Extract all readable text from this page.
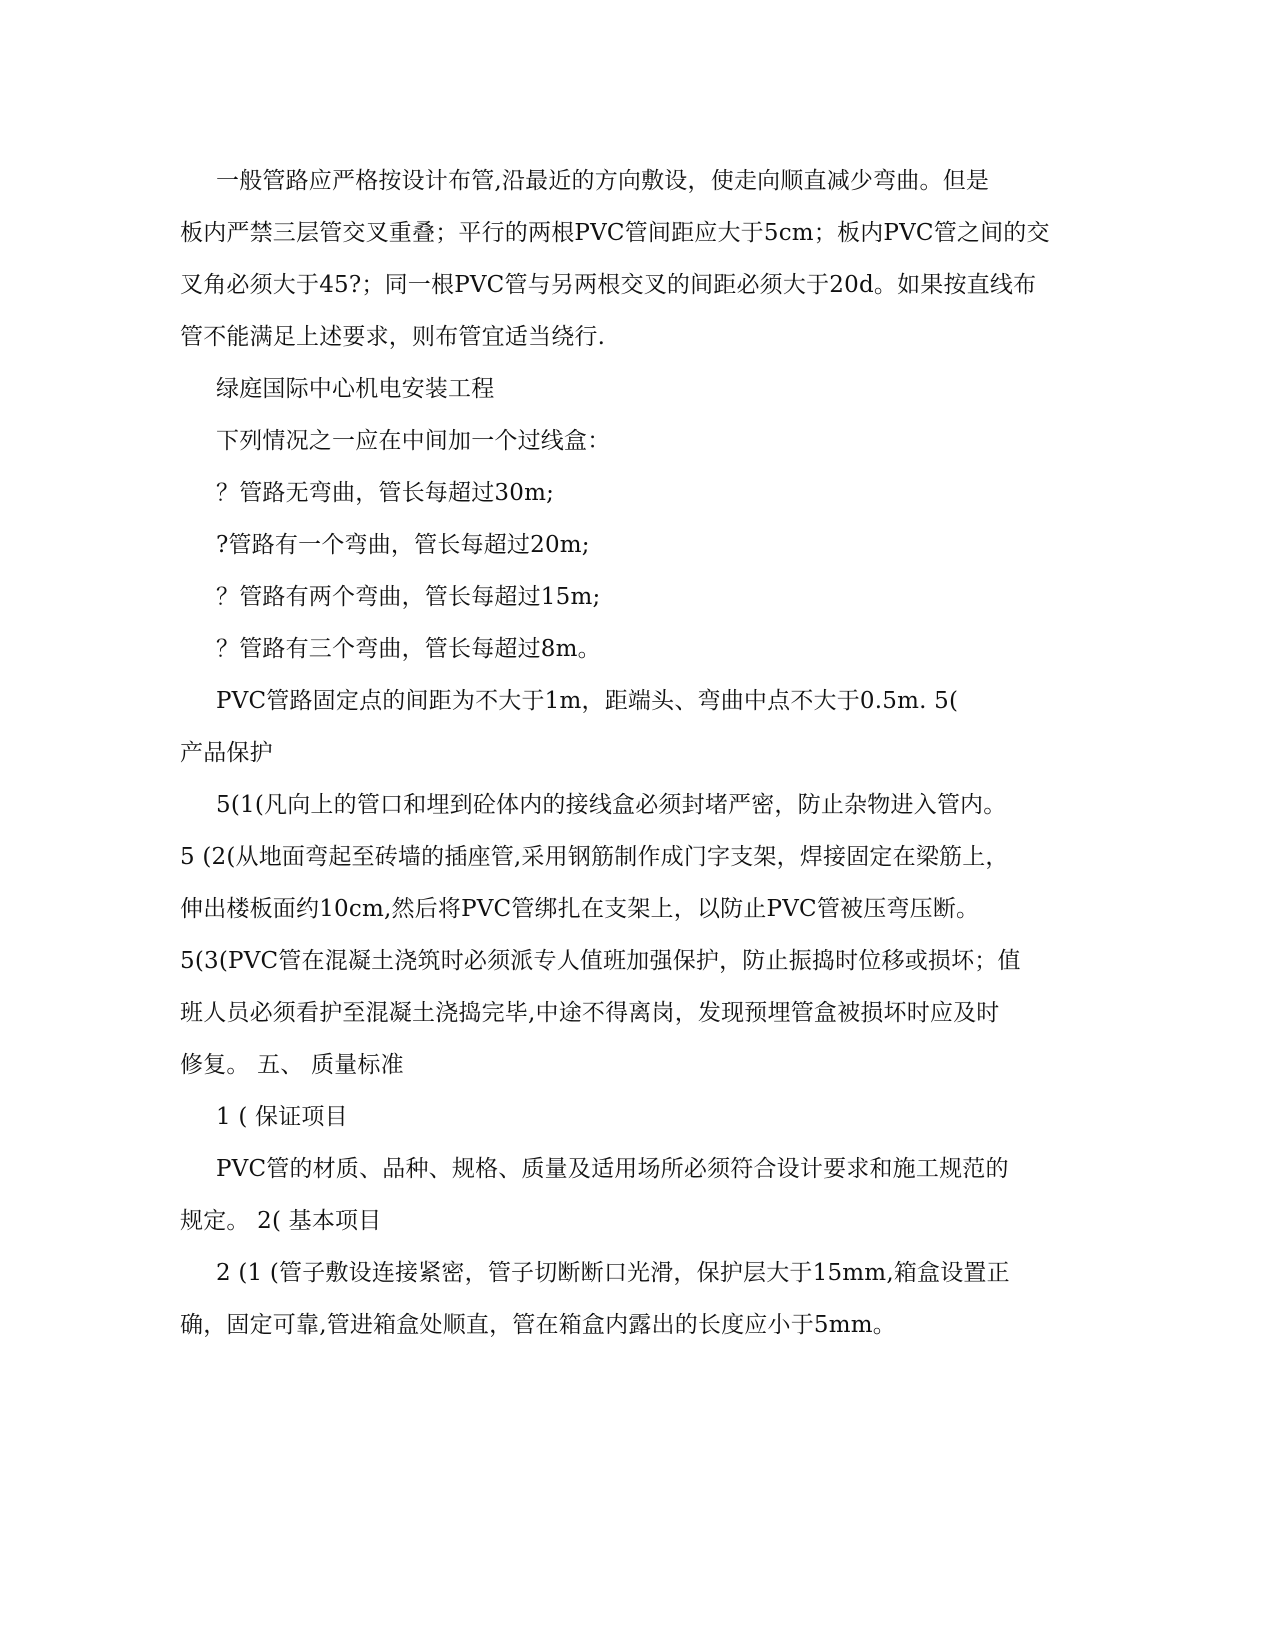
一般管路应严格按设计布管,沿最近的方向敷设，使走向顺直减少弯曲。但是
板内严禁三层管交叉重叠；平行的两根PVC管间距应大于5cm；板内PVC管之间的交
叉角必须大于45?；同一根PVC管与另两根交叉的间距必须大于20d。如果按直线布
管不能满足上述要求，则布管宜适当绕行.
绿庭国际中心机电安装工程
下列情况之一应在中间加一个过线盒：
？管路无弯曲，管长每超过30m;
?管路有一个弯曲，管长每超过20m;
？管路有两个弯曲，管长每超过15m;
？管路有三个弯曲，管长每超过8m。
PVC管路固定点的间距为不大于1m，距端头、弯曲中点不大于0.5m. 5(
产品保护
5(1(凡向上的管口和埋到砼体内的接线盒必须封堵严密，防止杂物进入管内。
5 (2(从地面弯起至砖墙的插座管,采用钢筋制作成门字支架，焊接固定在梁筋上，
伸出楼板面约10cm,然后将PVC管绑扎在支架上，以防止PVC管被压弯压断。
5(3(PVC管在混凝土浇筑时必须派专人值班加强保护，防止振捣时位移或损坏；值
班人员必须看护至混凝土浇捣完毕,中途不得离岗，发现预埋管盒被损坏时应及时
修复。 五、 质量标准
1 ( 保证项目
PVC管的材质、品种、规格、质量及适用场所必须符合设计要求和施工规范的
规定。 2( 基本项目
2 (1 (管子敷设连接紧密，管子切断断口光滑，保护层大于15mm,箱盒设置正
确，固定可靠,管进箱盒处顺直，管在箱盒内露出的长度应小于5mm。
